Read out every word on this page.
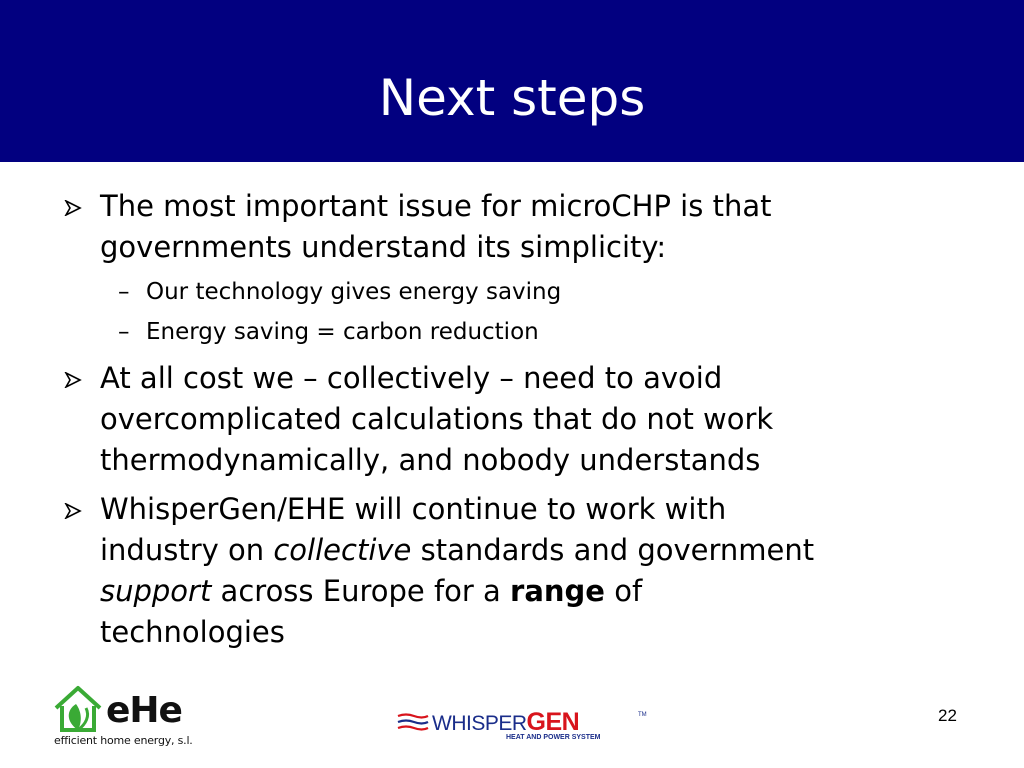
Next steps
The most important issue for microCHP is that
governments understand its simplicity:
– Our technology gives energy saving
– Energy saving = carbon reduction
At all cost we – collectively – need to avoid
overcomplicated calculations that do not work
thermodynamically, and nobody understands
WhisperGen/EHE will continue to work with
industry on collective standards and government
support across Europe for a range of
technologies
eHe
efficient home energy, s.l.
WHISPERGEN	TM
HEAT AND POWER SYSTEM
22
